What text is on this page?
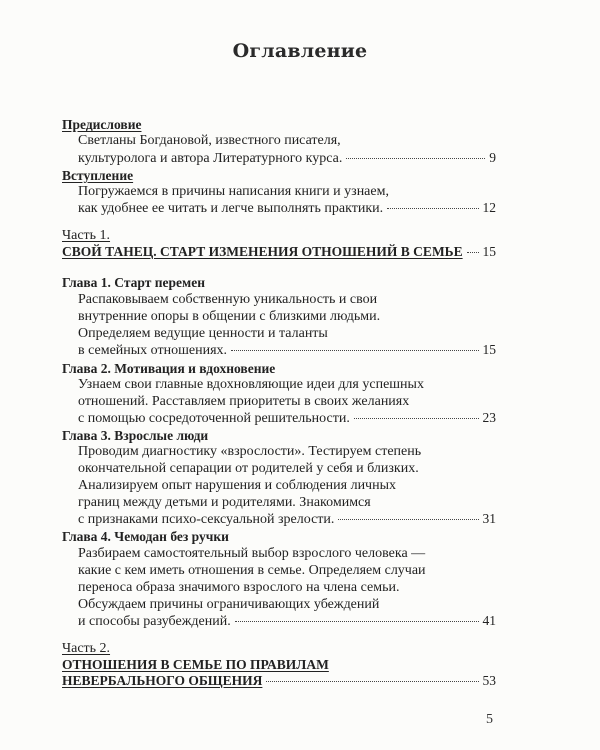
Оглавление
Предисловие
Светланы Богдановой, известного писателя,
культуролога и автора Литературного курса.	9
Вступление
Погружаемся в причины написания книги и узнаем,
как удобнее ее читать и легче выполнять практики.	12
Часть 1.
СВОЙ ТАНЕЦ. СТАРТ ИЗМЕНЕНИЯ ОТНОШЕНИЙ В СЕМЬЕ 15
Глава 1. Старт перемен
Распаковываем собственную уникальность и свои
внутренние опоры в общении с близкими людьми.
Определяем ведущие ценности и таланты
в семейных отношениях.	15
Глава 2. Мотивация и вдохновение
Узнаем свои главные вдохновляющие идеи для успешных
отношений. Расставляем приоритеты в своих желаниях
с помощью сосредоточенной решительности.	23
Глава 3. Взрослые люди
Проводим диагностику «взрослости». Тестируем степень
окончательной сепарации от родителей у себя и близких.
Анализируем опыт нарушения и соблюдения личных
границ между детьми и родителями. Знакомимся
с признаками психо-сексуальной зрелости.	31
Глава 4. Чемодан без ручки
Разбираем самостоятельный выбор взрослого человека —
какие с кем иметь отношения в семье. Определяем случаи
переноса образа значимого взрослого на члена семьи.
Обсуждаем причины ограничивающих убеждений
и способы разубеждений.	41
Часть 2.
ОТНОШЕНИЯ В СЕМЬЕ ПО ПРАВИЛАМ
НЕВЕРБАЛЬНОГО ОБЩЕНИЯ	53
5
